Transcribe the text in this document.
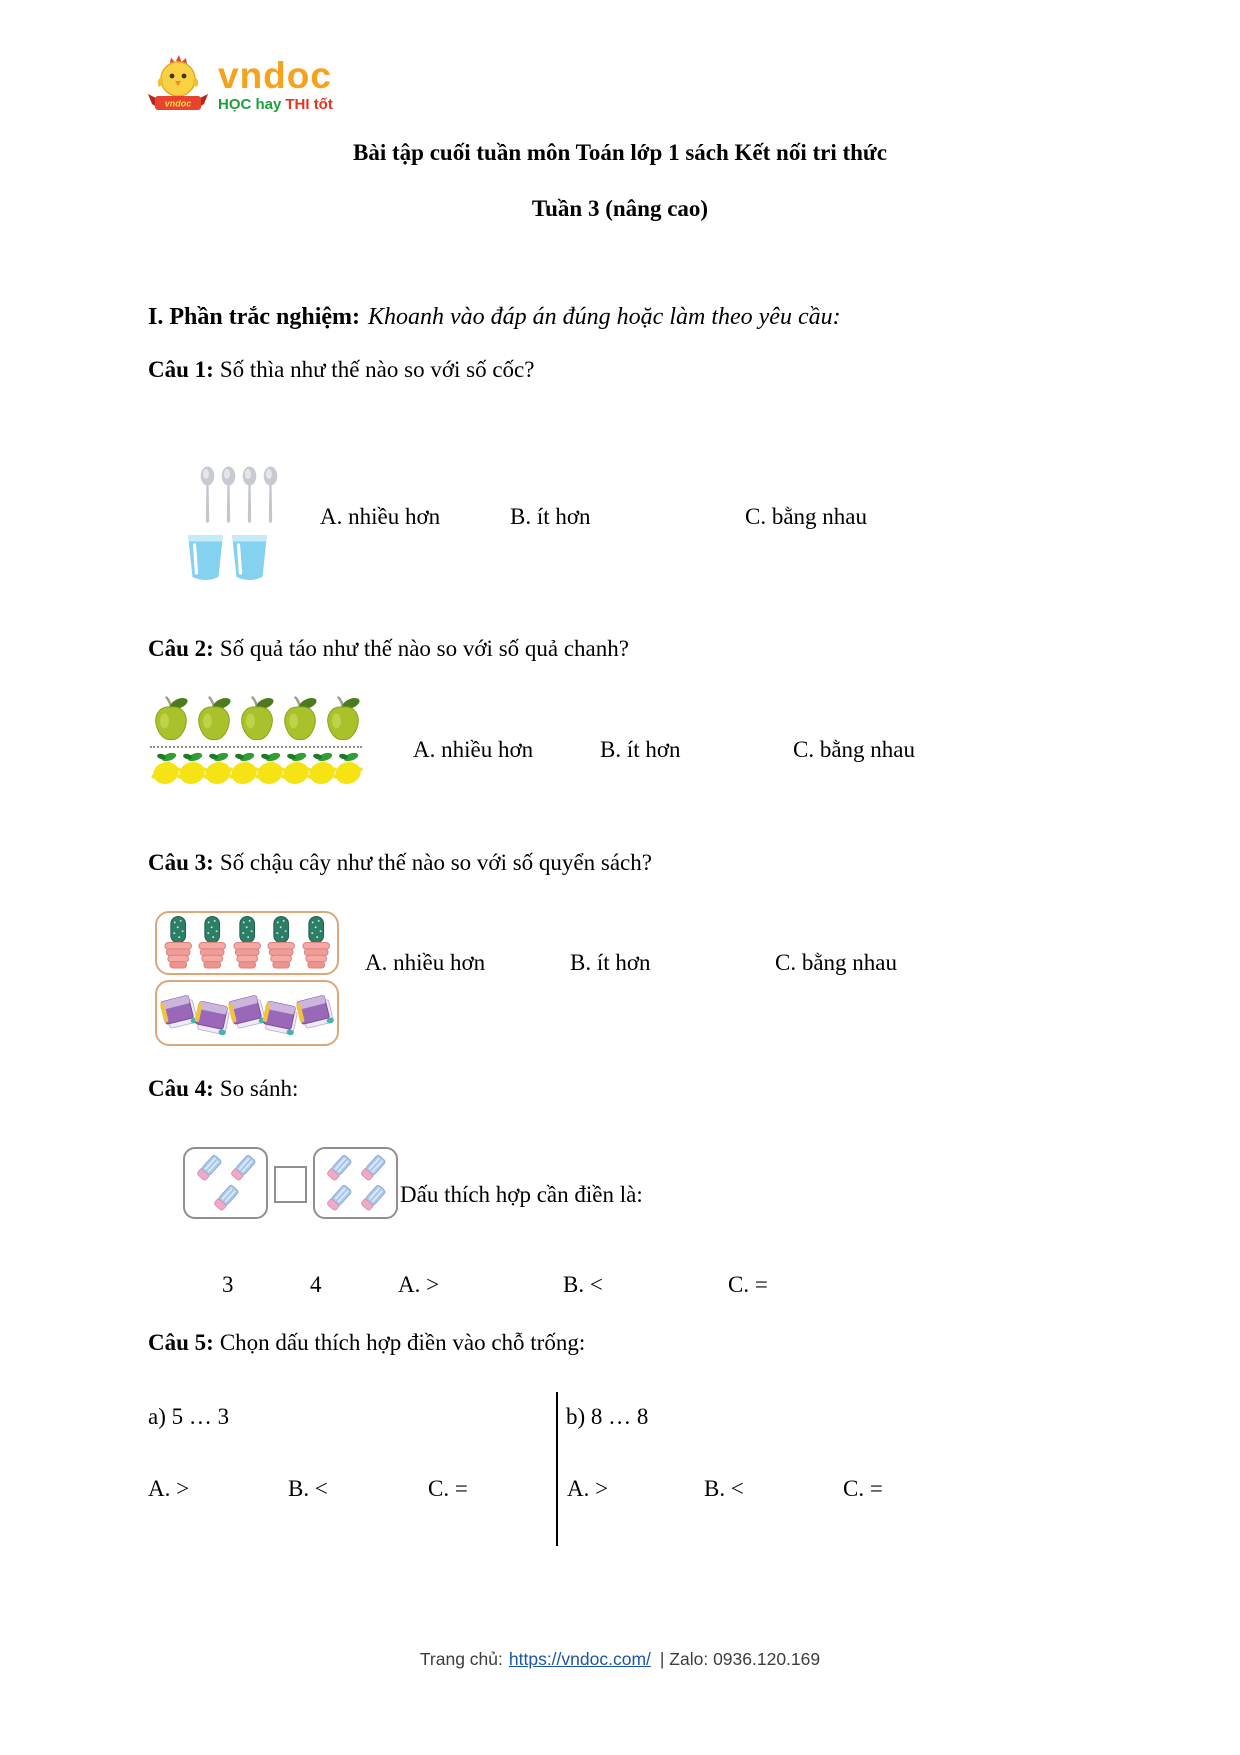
vndoc
vndoc
HỌC hay THI tốt
Bài tập cuối tuần môn Toán lớp 1 sách Kết nối tri thức
Tuần 3 (nâng cao)
I. Phần trắc nghiệm: Khoanh vào đáp án đúng hoặc làm theo yêu cầu:
Câu 1: Số thìa như thế nào so với số cốc?
A. nhiều hơn	B. ít hơn	C. bằng nhau
Câu 2: Số quả táo như thế nào so với số quả chanh?
A. nhiều hơn	B. ít hơn	C. bằng nhau
Câu 3: Số chậu cây như thế nào so với số quyển sách?
A. nhiều hơn	B. ít hơn	C. bằng nhau
Câu 4: So sánh:
Dấu thích hợp cần điền là:
3	4	A. >	B. <	C. =
Câu 5: Chọn dấu thích hợp điền vào chỗ trống:
a) 5 … 3
A. >	B. <	C. =
b) 8 … 8
A. >	B. <	C. =
Trang chủ: https://vndoc.com/ | Zalo: 0936.120.169
